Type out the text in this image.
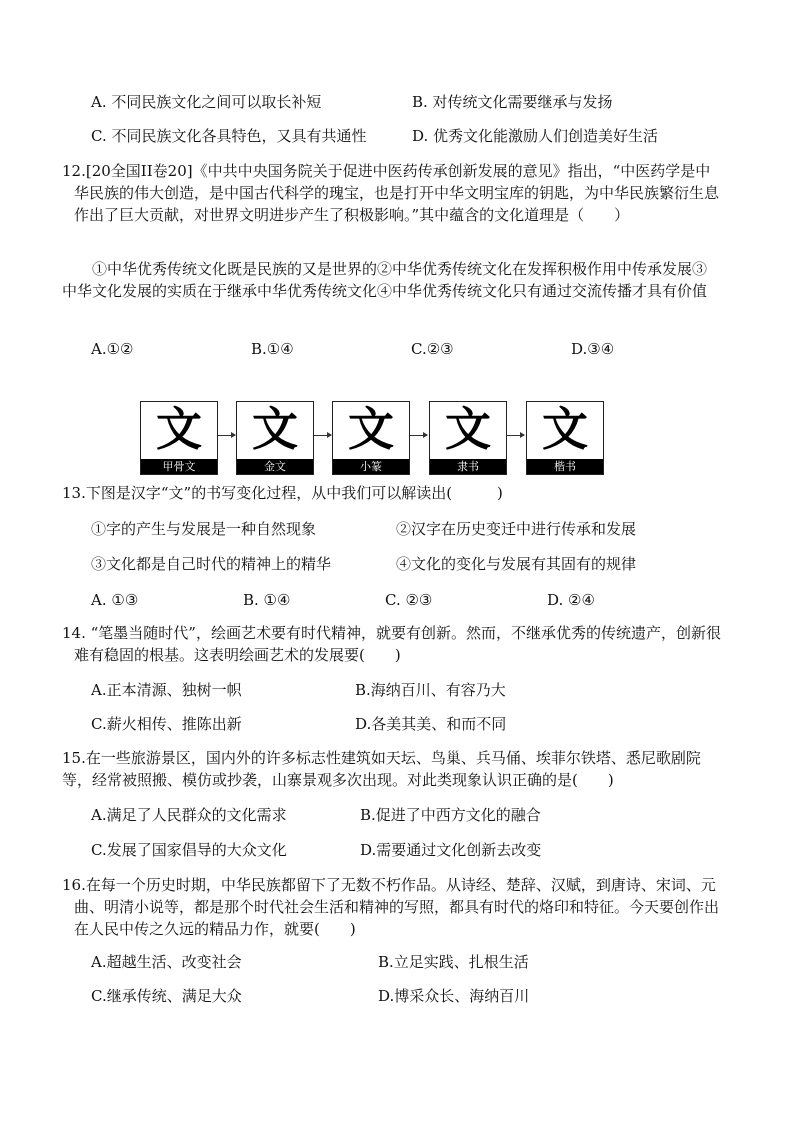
A. 不同民族文化之间可以取长补短	B. 对传统文化需要继承与发扬
C. 不同民族文化各具特色，又具有共通性	D. 优秀文化能激励人们创造美好生活
12.[20全国II卷20]《中共中央国务院关于促进中医药传承创新发展的意见》指出，“中医药学是中华民族的伟大创造，是中国古代科学的瑰宝，也是打开中华文明宝库的钥匙，为中华民族繁衍生息作出了巨大贡献，对世界文明进步产生了积极影响。”其中蕴含的文化道理是（　　）
①中华优秀传统文化既是民族的又是世界的②中华优秀传统文化在发挥积极作用中传承发展③中华文化发展的实质在于继承中华优秀传统文化④中华优秀传统文化只有通过交流传播才具有价值
A.①②	B.①④	C.②③	D.③④
文
甲骨文
文
金文
文
小篆
文
隶书
文
楷书
13.下图是汉字“文”的书写变化过程，从中我们可以解读出(　　　)
①字的产生与发展是一种自然现象	②汉字在历史变迁中进行传承和发展
③文化都是自己时代的精神上的精华	④文化的变化与发展有其固有的规律
A. ①③	B. ①④	C. ②③	D. ②④
14. “笔墨当随时代”，绘画艺术要有时代精神，就要有创新。然而，不继承优秀的传统遗产，创新很难有稳固的根基。这表明绘画艺术的发展要(　　)
A.正本清源、独树一帜	B.海纳百川、有容乃大
C.薪火相传、推陈出新	D.各美其美、和而不同
15.在一些旅游景区，国内外的许多标志性建筑如天坛、鸟巢、兵马俑、埃菲尔铁塔、悉尼歌剧院等，经常被照搬、模仿或抄袭，山寨景观多次出现。对此类现象认识正确的是(　　)
A.满足了人民群众的文化需求	B.促进了中西方文化的融合
C.发展了国家倡导的大众文化	D.需要通过文化创新去改变
16.在每一个历史时期，中华民族都留下了无数不朽作品。从诗经、楚辞、汉赋，到唐诗、宋词、元曲、明清小说等，都是那个时代社会生活和精神的写照，都具有时代的烙印和特征。今天要创作出在人民中传之久远的精品力作，就要(　　)
A.超越生活、改变社会	B.立足实践、扎根生活
C.继承传统、满足大众	D.博采众长、海纳百川
